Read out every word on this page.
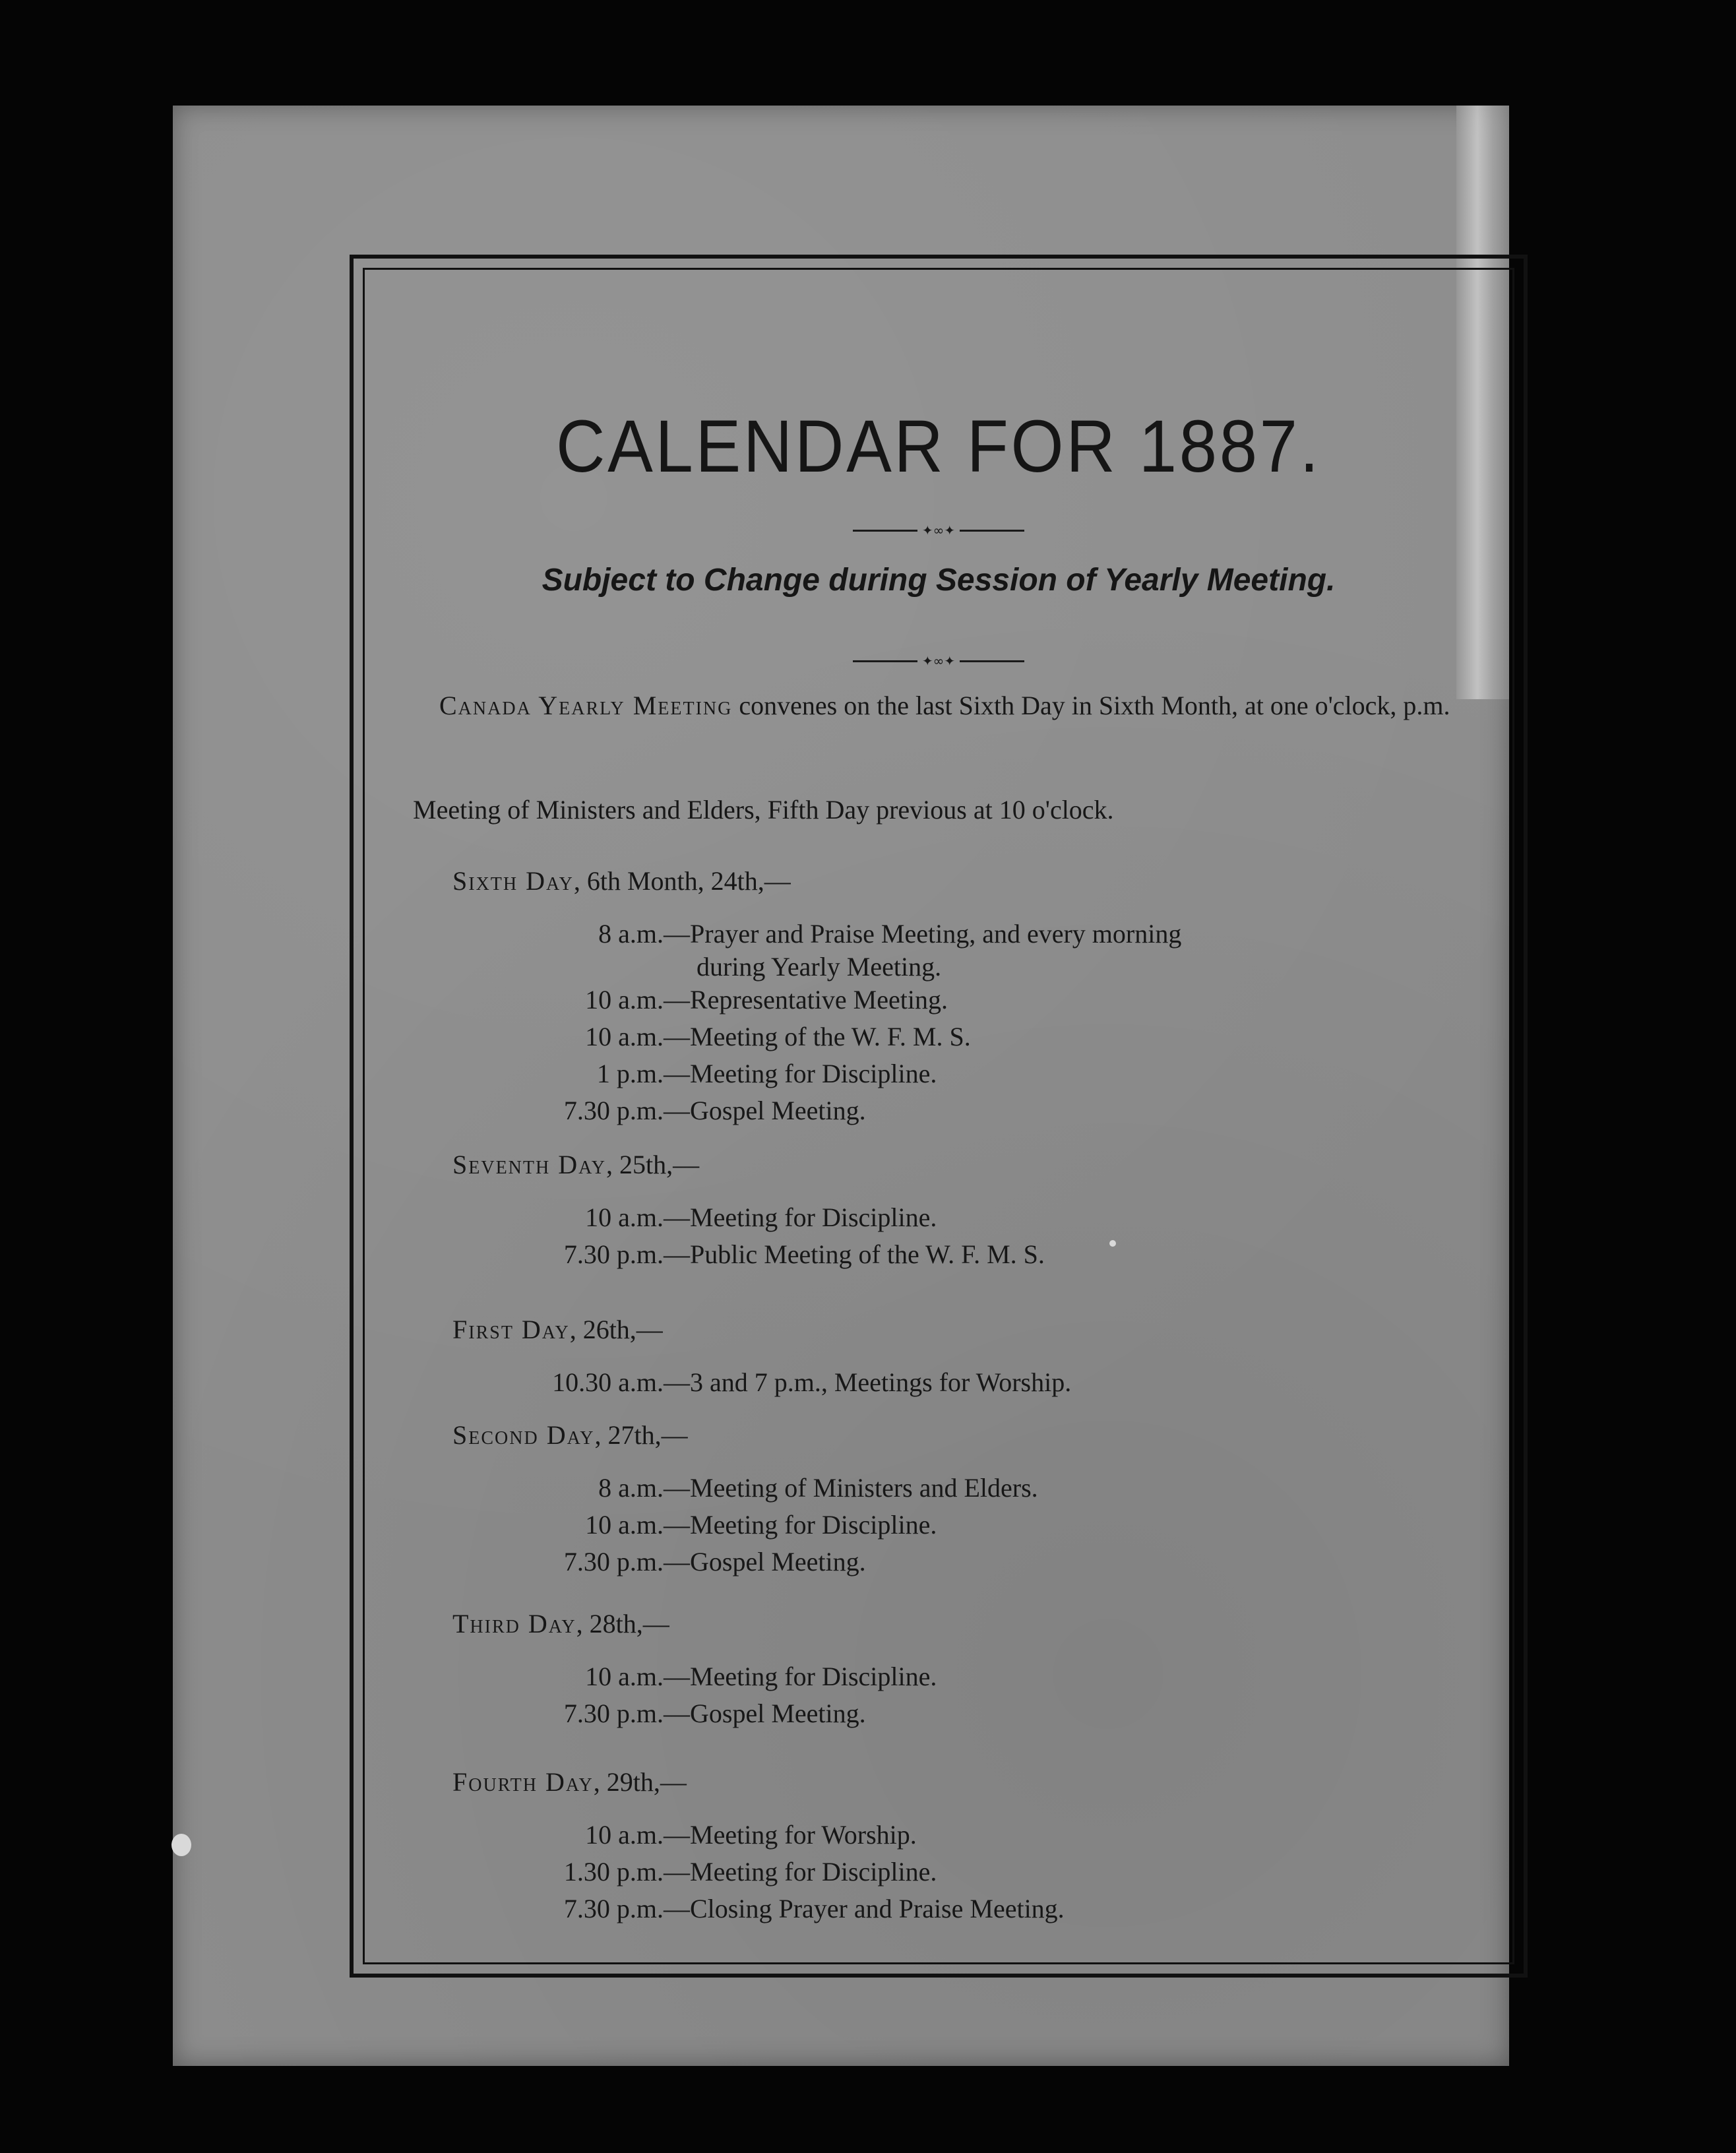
CALENDAR FOR 1887.
✦∞✦
Subject to Change during Session of Yearly Meeting.
✦∞✦
Canada Yearly Meeting convenes on the last Sixth Day in Sixth Month, at one o'clock, p.m.
Meeting of Ministers and Elders, Fifth Day previous at 10 o'clock.
Sixth Day, 6th Month, 24th,—
8 a.m.—Prayer and Praise Meeting, and every morning
10 a.m.—Representative Meeting.
10 a.m.—Meeting of the W. F. M. S.
1 p.m.—Meeting for Discipline.
7.30 p.m.—Gospel Meeting.
during Yearly Meeting.
Seventh Day, 25th,—
10 a.m.—Meeting for Discipline.
7.30 p.m.—Public Meeting of the W. F. M. S.
First Day, 26th,—
10.30 a.m.—3 and 7 p.m., Meetings for Worship.
Second Day, 27th,—
8 a.m.—Meeting of Ministers and Elders.
10 a.m.—Meeting for Discipline.
7.30 p.m.—Gospel Meeting.
Third Day, 28th,—
10 a.m.—Meeting for Discipline.
7.30 p.m.—Gospel Meeting.
Fourth Day, 29th,—
10 a.m.—Meeting for Worship.
1.30 p.m.—Meeting for Discipline.
7.30 p.m.—Closing Prayer and Praise Meeting.
